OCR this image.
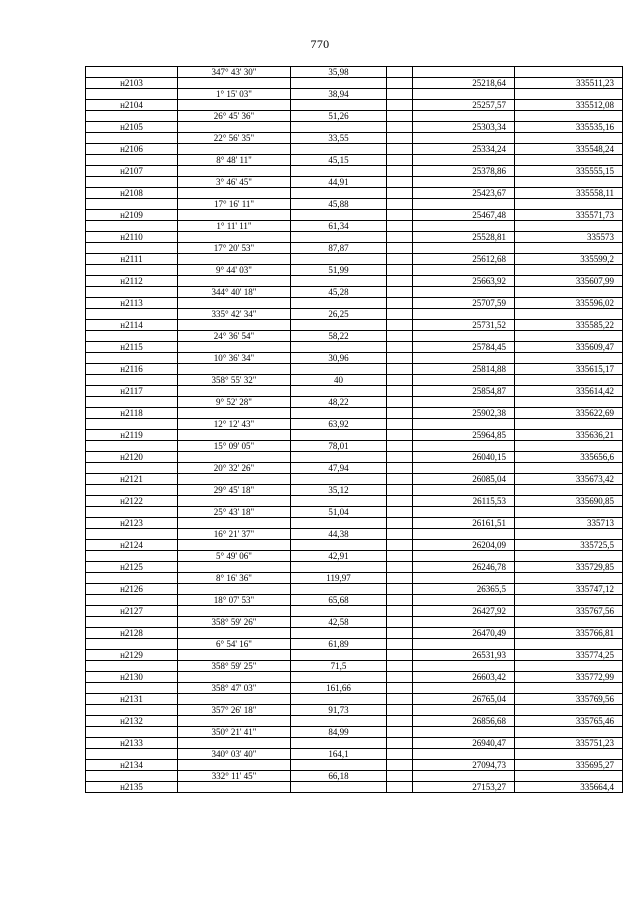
770
	347° 43' 30"	35,98			
н2103				25218,64	335511,23
	1° 15' 03"	38,94			
н2104				25257,57	335512,08
	26° 45' 36"	51,26			
н2105				25303,34	335535,16
	22° 56' 35"	33,55			
н2106				25334,24	335548,24
	8° 48' 11"	45,15			
н2107				25378,86	335555,15
	3° 46' 45"	44,91			
н2108				25423,67	335558,11
	17° 16' 11"	45,88			
н2109				25467,48	335571,73
	1° 11' 11"	61,34			
н2110				25528,81	335573
	17° 20' 53"	87,87			
н2111				25612,68	335599,2
	9° 44' 03"	51,99			
н2112				25663,92	335607,99
	344° 40' 18"	45,28			
н2113				25707,59	335596,02
	335° 42' 34"	26,25			
н2114				25731,52	335585,22
	24° 36' 54"	58,22			
н2115				25784,45	335609,47
	10° 36' 34"	30,96			
н2116				25814,88	335615,17
	358° 55' 32"	40			
н2117				25854,87	335614,42
	9° 52' 28"	48,22			
н2118				25902,38	335622,69
	12° 12' 43"	63,92			
н2119				25964,85	335636,21
	15° 09' 05"	78,01			
н2120				26040,15	335656,6
	20° 32' 26"	47,94			
н2121				26085,04	335673,42
	29° 45' 18"	35,12			
н2122				26115,53	335690,85
	25° 43' 18"	51,04			
н2123				26161,51	335713
	16° 21' 37"	44,38			
н2124				26204,09	335725,5
	5° 49' 06"	42,91			
н2125				26246,78	335729,85
	8° 16' 36"	119,97			
н2126				26365,5	335747,12
	18° 07' 53"	65,68			
н2127				26427,92	335767,56
	358° 59' 26"	42,58			
н2128				26470,49	335766,81
	6° 54' 16"	61,89			
н2129				26531,93	335774,25
	358° 59' 25"	71,5			
н2130				26603,42	335772,99
	358° 47' 03"	161,66			
н2131				26765,04	335769,56
	357° 26' 18"	91,73			
н2132				26856,68	335765,46
	350° 21' 41"	84,99			
н2133				26940,47	335751,23
	340° 03' 40"	164,1			
н2134				27094,73	335695,27
	332° 11' 45"	66,18			
н2135				27153,27	335664,4
